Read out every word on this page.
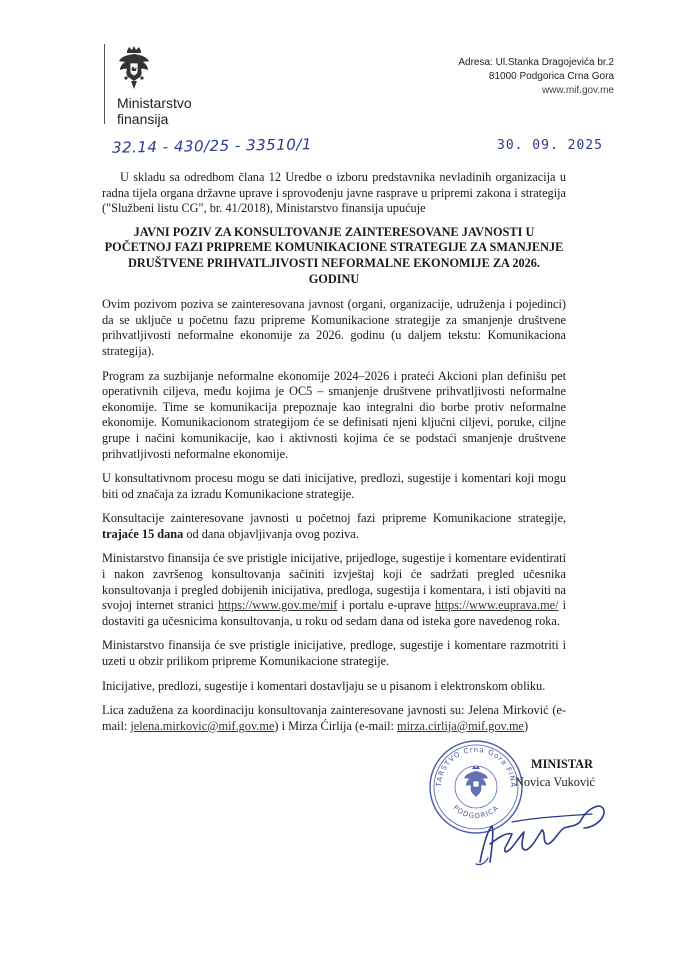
Ministarstvo
finansija
Adresa: Ul.Stanka Dragojevića br.2
81000 Podgorica Crna Gora
www.mif.gov.me
32.14 - 430/25 - 33510/1	30. 09. 2025

U skladu sa odredbom člana 12 Uredbe o izboru predstavnika nevladinih organizacija u radna tijela organa državne uprave i sprovođenju javne rasprave u pripremi zakona i strategija ("Službeni listu CG", br. 41/2018), Ministarstvo finansija upućuje

JAVNI POZIV ZA KONSULTOVANJE ZAINTERESOVANE JAVNOSTI U POČETNOJ FAZI PRIPREME KOMUNIKACIONE STRATEGIJE ZA SMANJENJE DRUŠTVENE PRIHVATLJIVOSTI NEFORMALNE EKONOMIJE ZA 2026. GODINU

Ovim pozivom poziva se zainteresovana javnost (organi, organizacije, udruženja i pojedinci) da se uključe u početnu fazu pripreme Komunikacione strategije za smanjenje društvene prihvatljivosti neformalne ekonomije za 2026. godinu (u daljem tekstu: Komunikaciona strategija).

Program za suzbijanje neformalne ekonomije 2024–2026 i prateći Akcioni plan definišu pet operativnih ciljeva, među kojima je OC5 – smanjenje društvene prihvatljivosti neformalne ekonomije. Time se komunikacija prepoznaje kao integralni dio borbe protiv neformalne ekonomije. Komunikacionom strategijom će se definisati njeni ključni ciljevi, poruke, ciljne grupe i načini komunikacije, kao i aktivnosti kojima će se podstaći smanjenje društvene prihvatljivosti neformalne ekonomije.

U konsultativnom procesu mogu se dati inicijative, predlozi, sugestije i komentari koji mogu biti od značaja za izradu Komunikacione strategije.

Konsultacije zainteresovane javnosti u početnoj fazi pripreme Komunikacione strategije, trajaće 15 dana od dana objavljivanja ovog poziva.

Ministarstvo finansija će sve pristigle inicijative, prijedloge, sugestije i komentare evidentirati i nakon završenog konsultovanja sačiniti izvještaj koji će sadržati pregled učesnika konsultovanja i pregled dobijenih inicijativa, predloga, sugestija i komentara, i isti objaviti na svojoj internet stranici https://www.gov.me/mif i portalu e-uprave https://www.euprava.me/ i dostaviti ga učesnicima konsultovanja, u roku od sedam dana od isteka gore navedenog roka.

Ministarstvo finansija će sve pristigle inicijative, predloge, sugestije i komentare razmotriti i uzeti u obzir prilikom pripreme Komunikacione strategije.

Inicijative, predlozi, sugestije i komentari dostavljaju se u pisanom i elektronskom obliku.

Lica zadužena za koordinaciju konsultovanja zainteresovane javnosti su: Jelena Mirković (e-mail: jelena.mirkovic@mif.gov.me) i Mirza Ćirlija (e-mail: mirza.cirlija@mif.gov.me)

TARSTVO Crna Gora FINA
PODGORICA
MINISTAR
Novica Vuković
